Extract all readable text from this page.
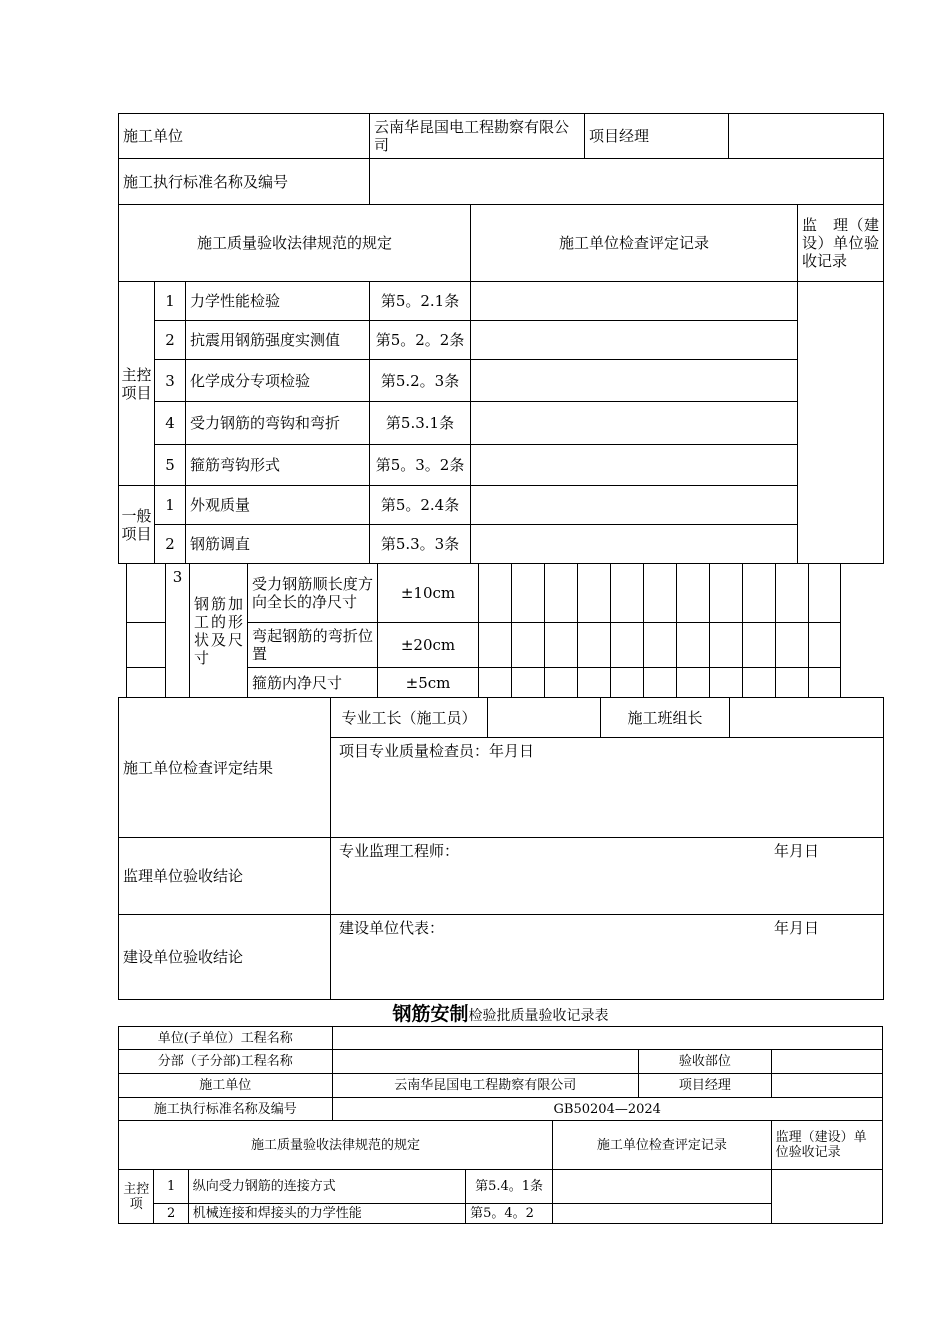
施工单位			云南华昆国电工程勘察有限公司		项目经理		
施工执行标准名称及编号							
施工质量验收法律规范的规定				施工单位检查评定记录			监　理（建设）单位验收记录
主控项目	1	力学性能检验	第5。2.1条				
	2	抗震用钢筋强度实测值	第5。2。2条				
	3	化学成分专项检验	第5.2。3条				
	4	受力钢筋的弯钩和弯折	第5.3.1条				
	5	箍筋弯钩形式	第5。3。2条				
一般项目	1	外观质量	第5。2.4条				
	2	钢筋调直	第5.3。3条				
	3	钢筋加工的形状及尺寸	受力钢筋顺长度方向全长的净尺寸	±10cm											
			弯起钢筋的弯折位置	±20cm											
			箍筋内净尺寸	±5cm											
施工单位检查评定结果	专业工长（施工员）		施工班组长	
	项目专业质量检查员：年月日			
监理单位验收结论	专业监理工程师： 年月日			

建设单位验收结论	建设单位代表： 年月日			
钢筋安制检验批质量验收记录表
单位(子单位）工程名称							
分部（子分部)工程名称						验收部位	
施工单位			云南华昆国电工程勘察有限公司			项目经理	
施工执行标准名称及编号			GB50204—2024				
施工质量验收法律规范的规定					施工单位检查评定记录		监理（建设）单位验收记录
主控项	1	纵向受力钢筋的连接方式		第5.4。1条			
	2	机械连接和焊接头的力学性能		第5。4。2			
